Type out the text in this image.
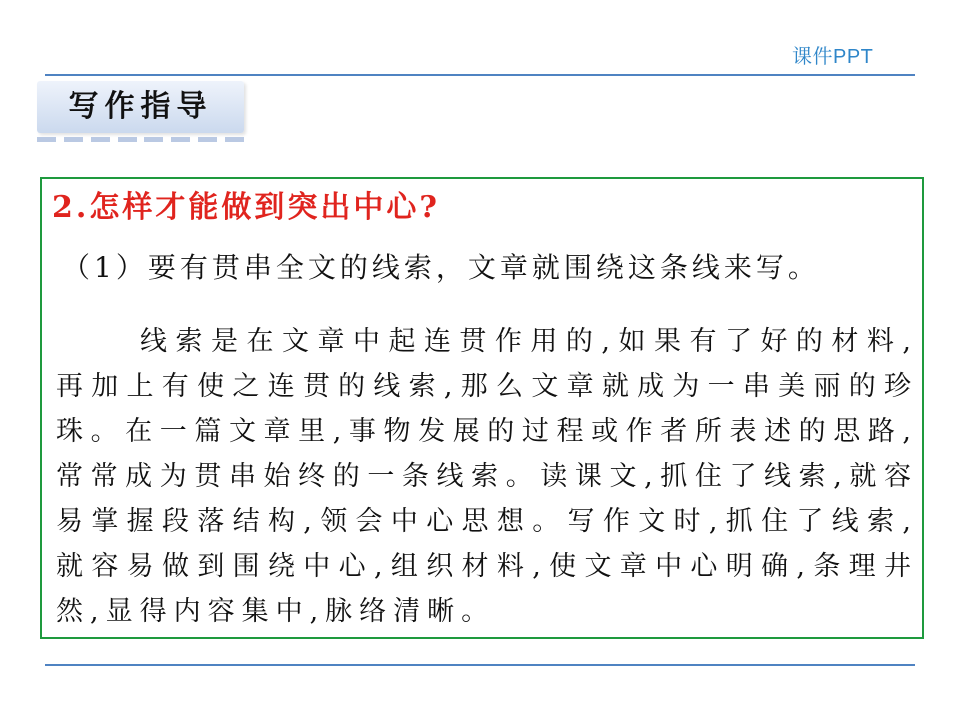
课件PPT
写作指导
2.怎样才能做到突出中心?
（1）要有贯串全文的线索，文章就围绕这条线来写。
线索是在文章中起连贯作用的,如果有了好的材料,再加上有使之连贯的线索,那么文章就成为一串美丽的珍珠。在一篇文章里,事物发展的过程或作者所表述的思路,常常成为贯串始终的一条线索。读课文,抓住了线索,就容易掌握段落结构,领会中心思想。写作文时,抓住了线索,就容易做到围绕中心,组织材料,使文章中心明确,条理井然,显得内容集中,脉络清晰。
